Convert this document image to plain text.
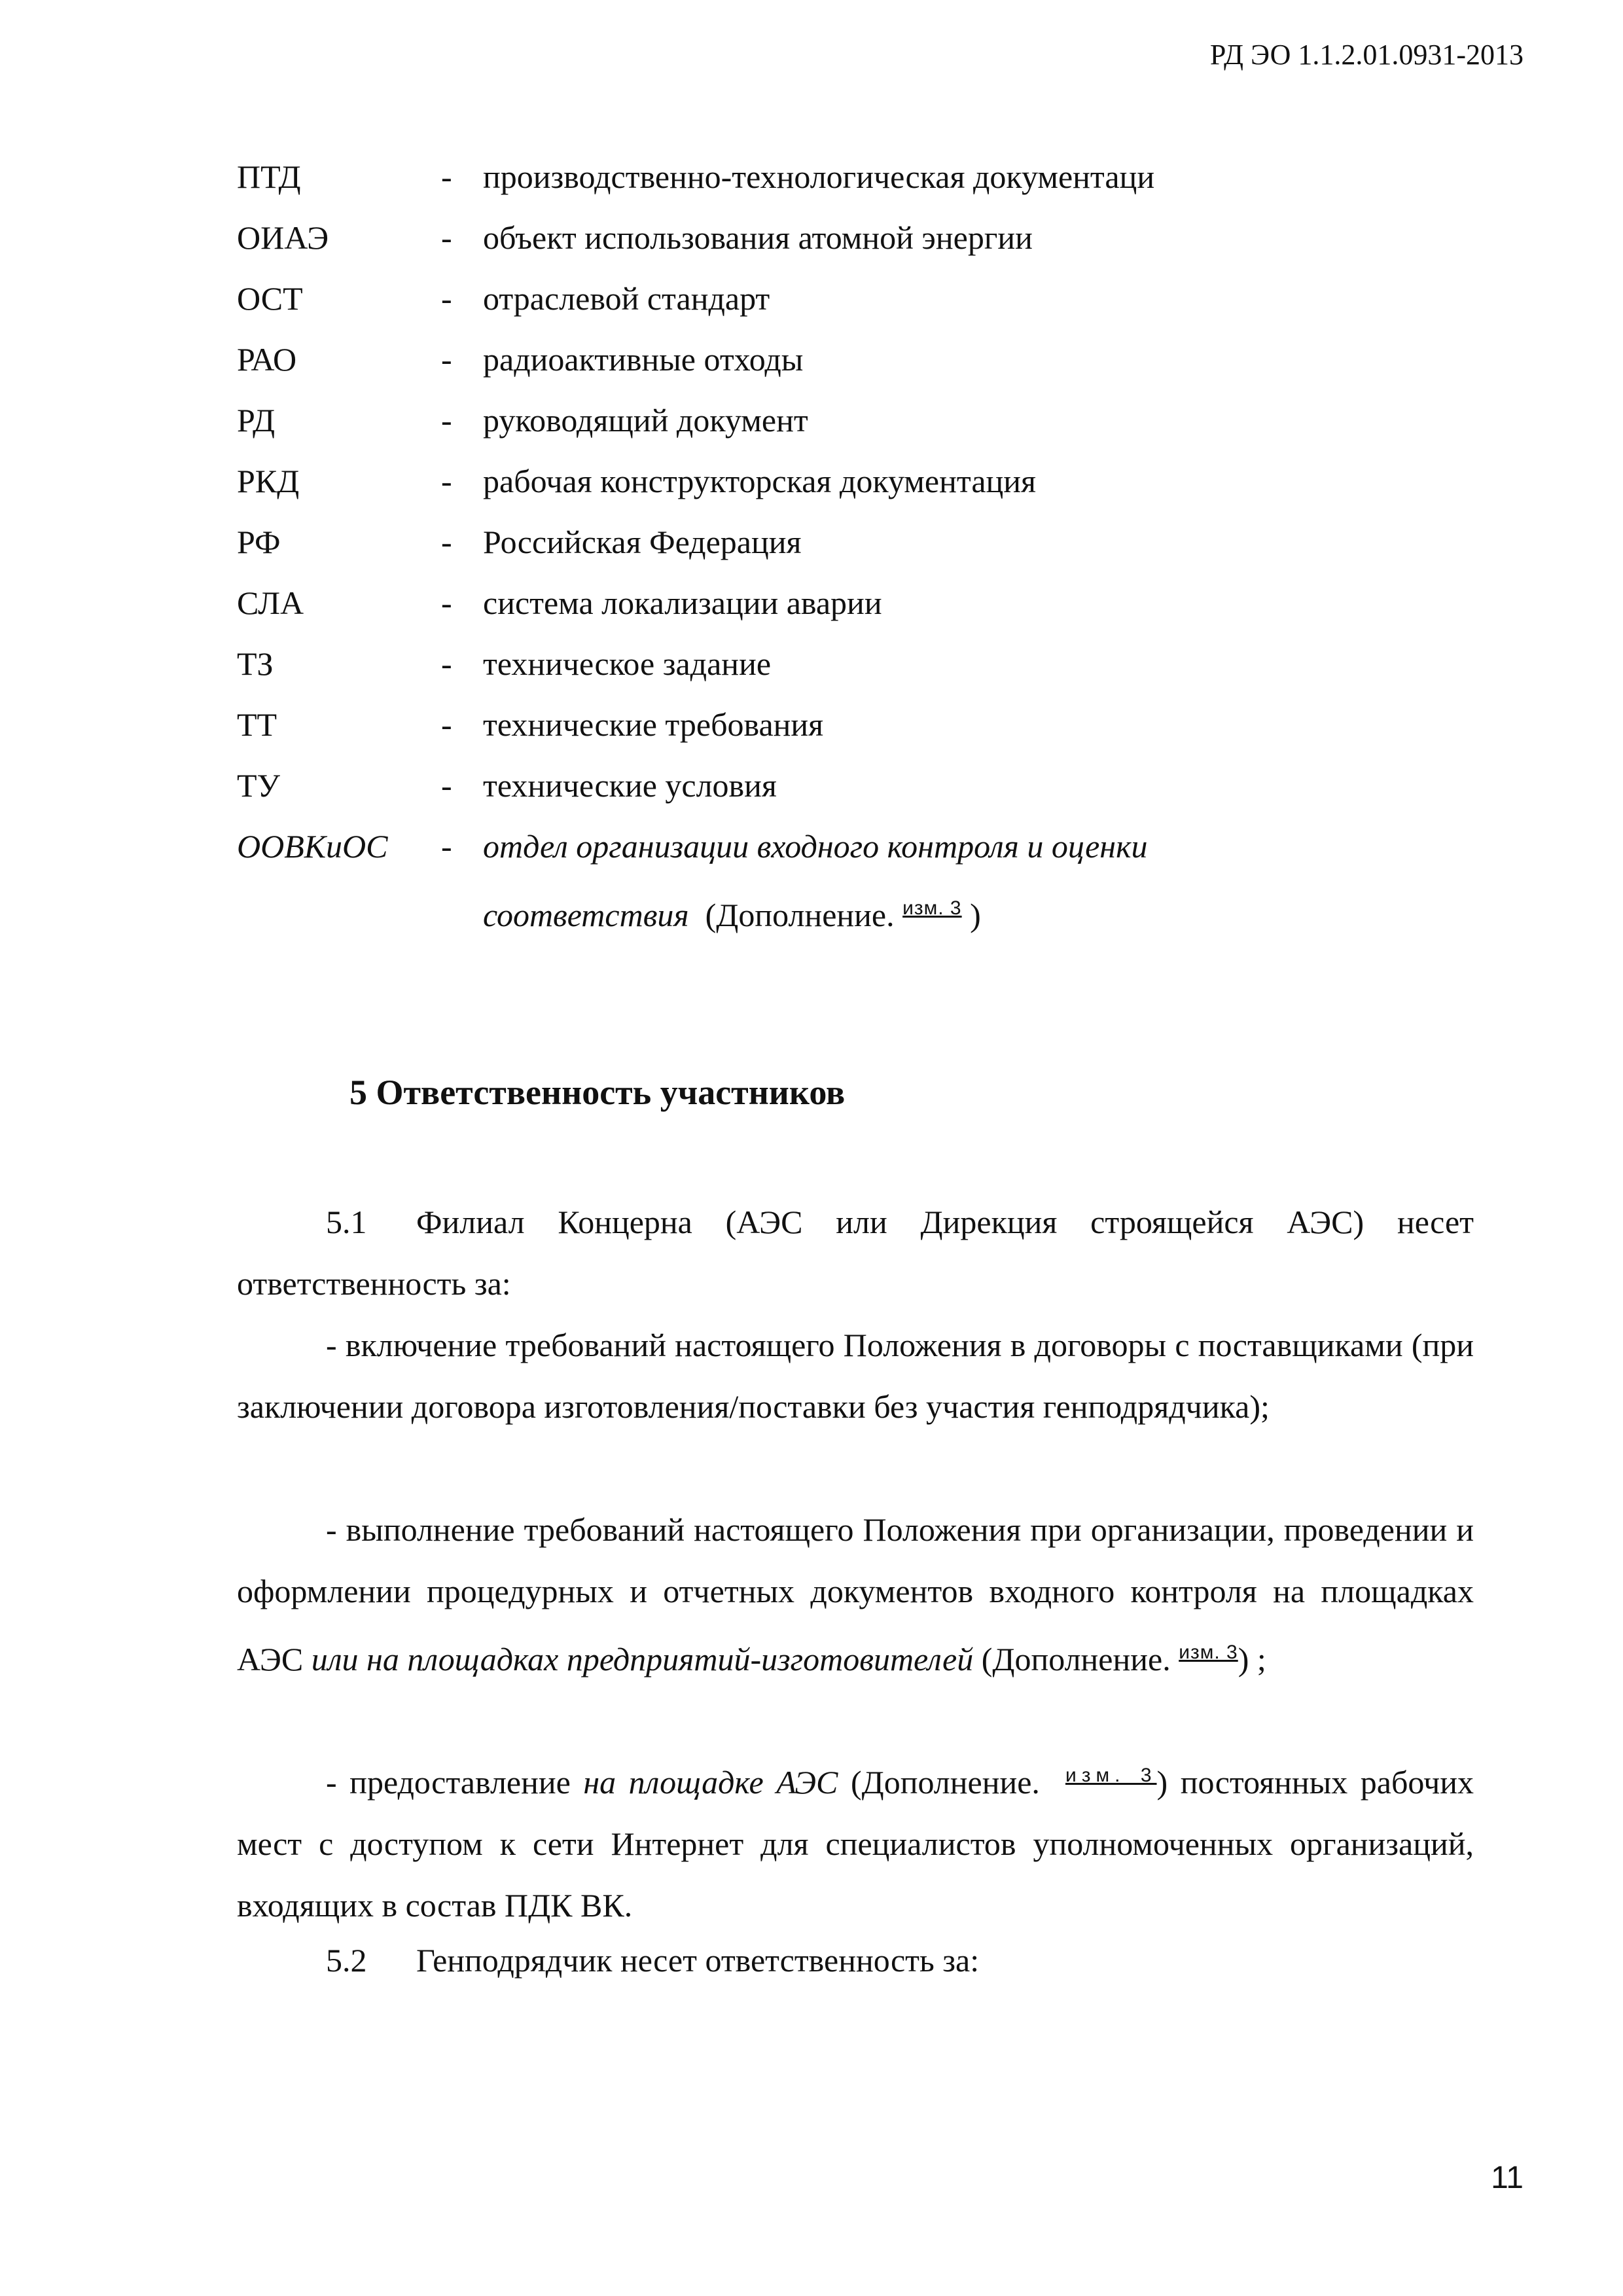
РД ЭО 1.1.2.01.0931-2013
ПТД	- производственно-технологическая документаци
ОИАЭ	- объект использования атомной энергии
ОСТ	- отраслевой стандарт
РАО	- радиоактивные отходы
РД	- руководящий документ
РКД	- рабочая конструкторская документация
РФ	- Российская Федерация
СЛА	- система локализации аварии
ТЗ	- техническое задание
ТТ	- технические требования
ТУ	- технические условия
ООВКиОС - отдел организации входного контроля и оценки
соответствия (Дополнение. $^{изм. 3}$ )
5 Ответственность участников
5.1 Филиал Концерна (АЭС или Дирекция строящейся АЭС) несет ответственность за:
- включение требований настоящего Положения в договоры с поставщиками (при заключении договора изготовления/поставки без участия генподрядчика);
- выполнение требований настоящего Положения при организации, проведении и оформлении процедурных и отчетных документов входного контроля на площадках АЭС или на площадках предприятий-изготовителей (Дополнение. $^{изм. 3}$) ;
- предоставление на площадке АЭС (Дополнение. $^{изм. 3}$) постоянных рабочих мест с доступом к сети Интернет для специалистов уполномоченных организаций, входящих в состав ПДК ВК.
5.2 Генподрядчик несет ответственность за:
11
